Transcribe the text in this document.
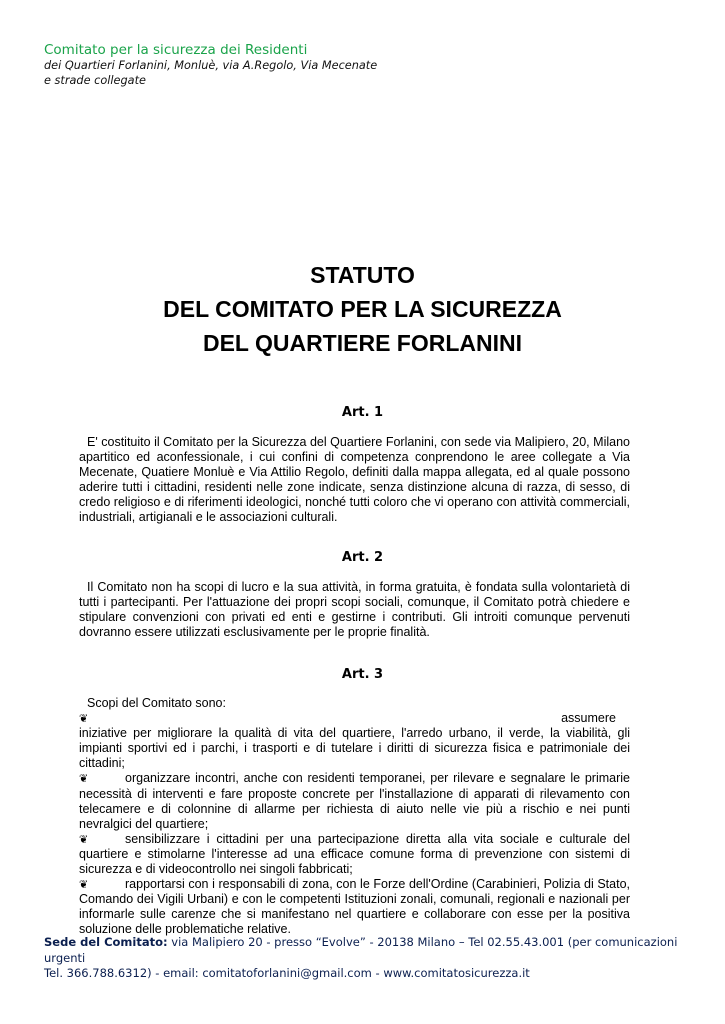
Comitato per la sicurezza dei Residenti
dei Quartieri Forlanini, Monluè, via A.Regolo, Via Mecenate
e strade collegate
STATUTO
DEL COMITATO PER LA SICUREZZA
DEL QUARTIERE FORLANINI
Art. 1
E' costituito il Comitato per la Sicurezza del Quartiere Forlanini, con sede via Malipiero, 20, Milano apartitico ed aconfessionale, i cui confini di competenza conprendono le aree collegate a Via Mecenate, Quatiere Monluè e Via Attilio Regolo, definiti dalla mappa allegata, ed al quale possono aderire tutti i cittadini, residenti nelle zone indicate, senza distinzione alcuna di razza, di sesso, di credo religioso e di riferimenti ideologici, nonché tutti coloro che vi operano con attività commerciali, industriali, artigianali e le associazioni culturali.
Art. 2
Il Comitato non ha scopi di lucro e la sua attività, in forma gratuita, è fondata sulla volontarietà di tutti i partecipanti. Per l'attuazione dei propri scopi sociali, comunque, il Comitato potrà chiedere e stipulare convenzioni con privati ed enti e gestirne i contributi. Gli introiti comunque pervenuti dovranno essere utilizzati esclusivamente per le proprie finalità.
Art. 3
Scopi del Comitato sono:
❦	assumere
iniziative per migliorare la qualità di vita del quartiere, l'arredo urbano, il verde, la viabilità, gli impianti sportivi ed i parchi, i trasporti e di tutelare i diritti di sicurezza fisica e patrimoniale dei cittadini;
❦	organizzare incontri, anche con residenti temporanei, per rilevare e segnalare le primarie necessità di interventi e fare proposte concrete per l'installazione di apparati di rilevamento con telecamere e di colonnine di allarme per richiesta di aiuto nelle vie più a rischio e nei punti nevralgici del quartiere;
❦	sensibilizzare i cittadini per una partecipazione diretta alla vita sociale e culturale del quartiere e stimolarne l'interesse ad una efficace comune forma di prevenzione con sistemi di sicurezza e di videocontrollo nei singoli fabbricati;
❦	rapportarsi con i responsabili di zona, con le Forze dell'Ordine (Carabinieri, Polizia di Stato, Comando dei Vigili Urbani) e con le competenti Istituzioni zonali, comunali, regionali e nazionali per informarle sulle carenze che si manifestano nel quartiere e collaborare con esse per la positiva soluzione delle problematiche relative.
Sede del Comitato: via Malipiero 20 - presso “Evolve” - 20138 Milano – Tel 02.55.43.001 (per comunicazioni urgenti
Tel. 366.788.6312) - email: comitatoforlanini@gmail.com - www.comitatosicurezza.it
